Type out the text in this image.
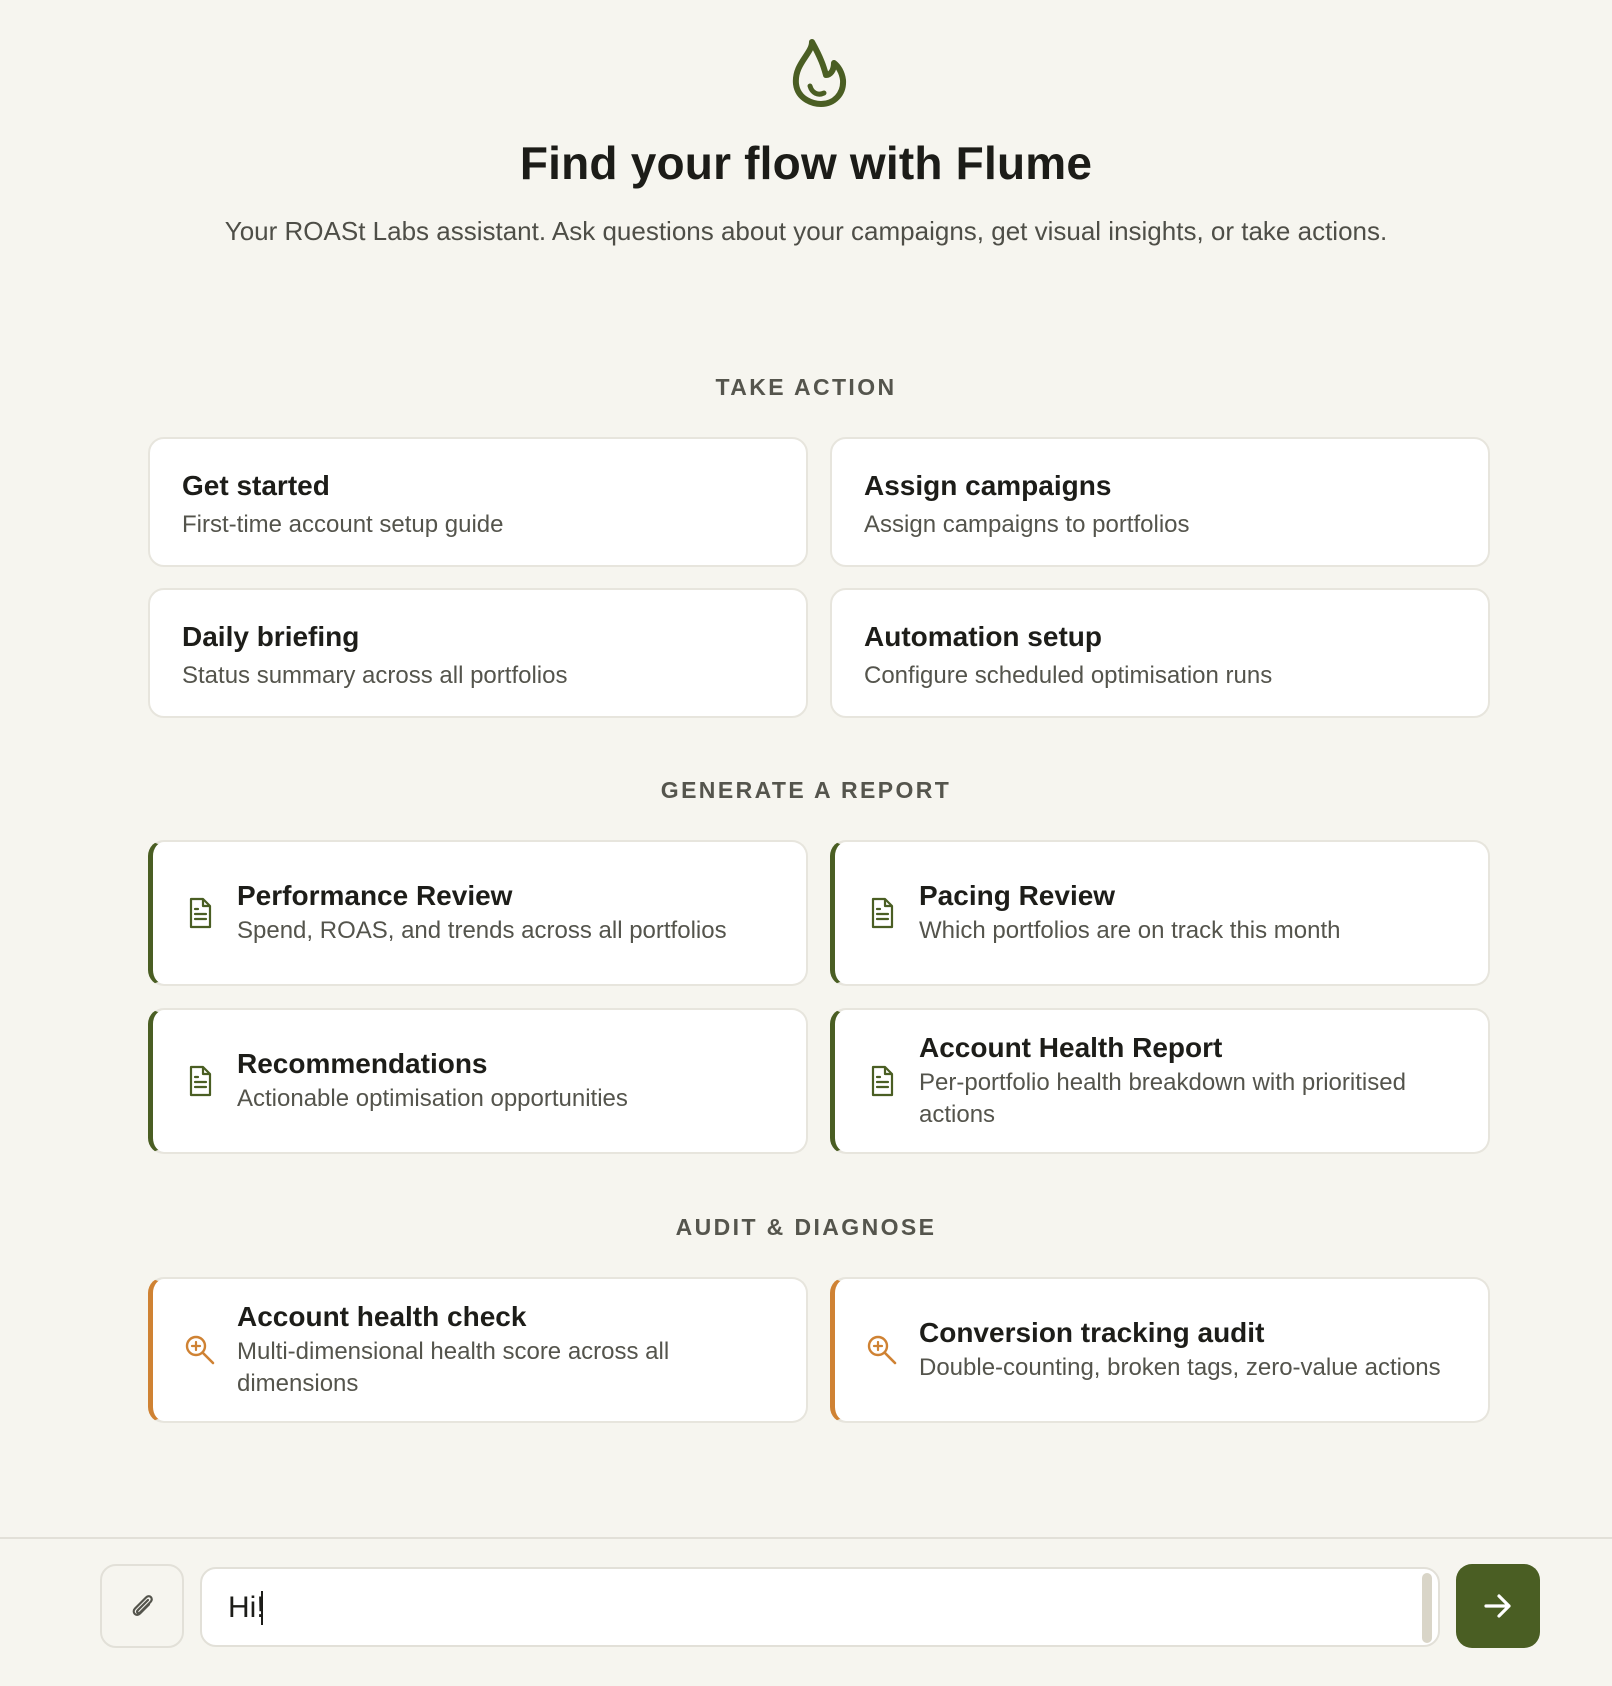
Find your flow with Flume

Your ROASt Labs assistant. Ask questions about your campaigns, get visual insights, or take actions.

TAKE ACTION
Get started
First-time account setup guide
Assign campaigns
Assign campaigns to portfolios
Daily briefing
Status summary across all portfolios
Automation setup
Configure scheduled optimisation runs
GENERATE A REPORT
Performance Review
Spend, ROAS, and trends across all portfolios
Pacing Review
Which portfolios are on track this month
Recommendations
Actionable optimisation opportunities
Account Health Report
Per-portfolio health breakdown with prioritised actions
AUDIT & DIAGNOSE
Account health check
Multi-dimensional health score across all dimensions
Conversion tracking audit
Double-counting, broken tags, zero-value actions
Hi!
